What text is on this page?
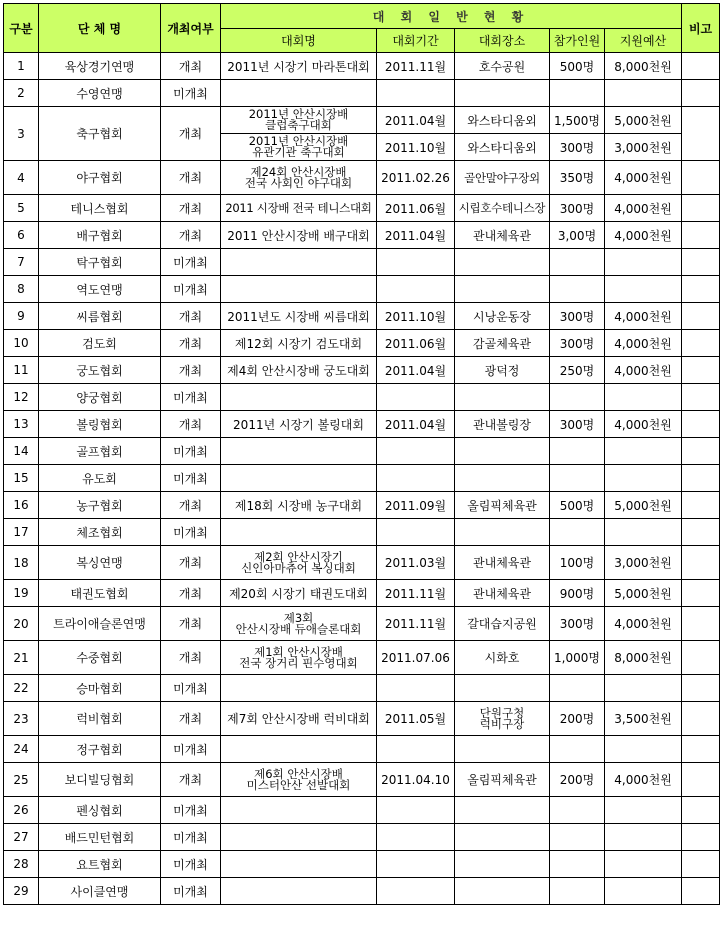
구분	단 체 명	개최여부	대 회 일 반 현 황					비고
			대회명	대회기간	대회장소	참가인원	지원예산	
1	육상경기연맹	개최	2011년 시장기 마라톤대회	2011.11월	호수공원	500명	8,000천원	
2	수영연맹	미개최						
3	축구협회	개최	2011년 안산시장배
클럽축구대회	2011.04월	와스타디움외	1,500명	5,000천원	

			2011년 안산시장배
유관기관 축구대회	2011.10월	와스타디움외	300명	3,000천원	
4	야구협회	개최	제24회 안산시장배
전국 사회인 야구대회	2011.02.26	골안말야구장외	350명	4,000천원	
5	테니스협회	개최	2011 시장배 전국 테니스대회	2011.06월	시립호수테니스장	300명	4,000천원	
6	배구협회	개최	2011 안산시장배 배구대회	2011.04월	관내체육관	3,00명	4,000천원	
7	탁구협회	미개최						
8	역도연맹	미개최						
9	씨름협회	개최	2011년도 시장배 씨름대회	2011.10월	시낭운동장	300명	4,000천원	
10	검도회	개최	제12회 시장기 검도대회	2011.06월	감골체육관	300명	4,000천원	
11	궁도협회	개최	제4회 안산시장배 궁도대회	2011.04월	광덕정	250명	4,000천원	
12	양궁협회	미개최						
13	볼링협회	개최	2011년 시장기 볼링대회	2011.04월	관내볼링장	300명	4,000천원	
14	골프협회	미개최						
15	유도회	미개최						
16	농구협회	개최	제18회 시장배 농구대회	2011.09월	올림픽체육관	500명	5,000천원	
17	체조협회	미개최						
18	복싱연맹	개최	제2회 안산시장기
신인아마츄어 복싱대회	2011.03월	관내체육관	100명	3,000천원	
19	태권도협회	개최	제20회 시장기 태권도대회	2011.11월	관내체육관	900명	5,000천원	
20	트라이애슬론연맹	개최	제3회
안산시장배 듀애슬론대회	2011.11월	갈대습지공원	300명	4,000천원	
21	수중협회	개최	제1회 안산시장배
전국 장거리 핀수영대회	2011.07.06	시화호	1,000명	8,000천원	
22	승마협회	미개최						
23	럭비협회	개최	제7회 안산시장배 럭비대회	2011.05월	단원구청
럭비구장	200명	3,500천원	
24	정구협회	미개최						
25	보디빌딩협회	개최	제6회 안산시장배
미스터안산 선발대회	2011.04.10	올림픽체육관	200명	4,000천원	
26	펜싱협회	미개최						
27	배드민턴협회	미개최						
28	요트협회	미개최						
29	사이클연맹	미개최						
